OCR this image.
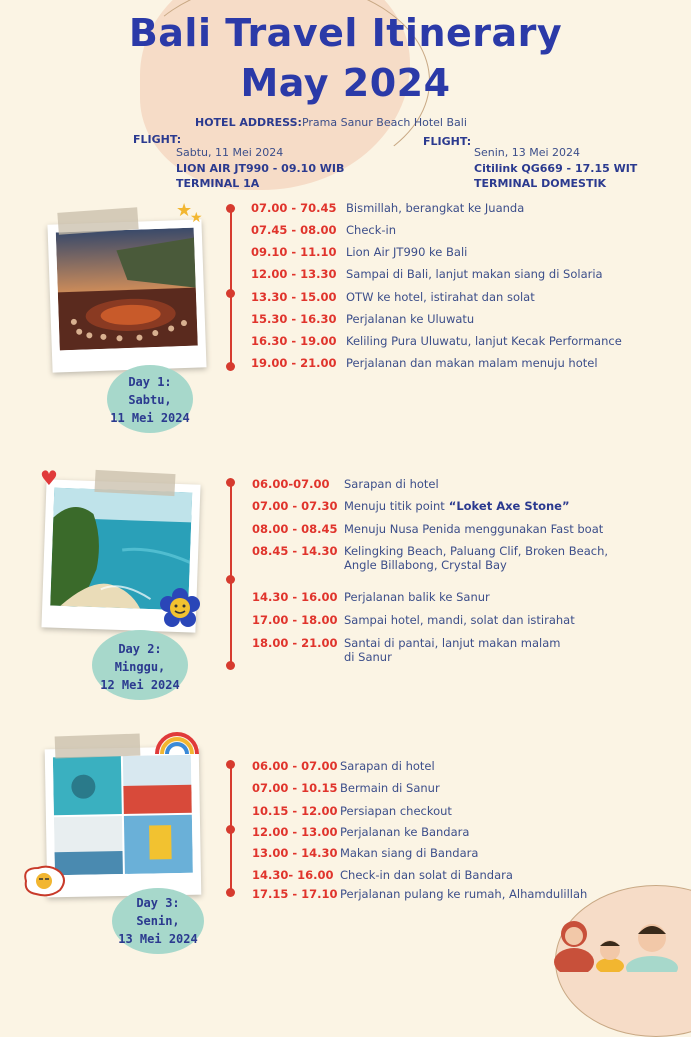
Bali Travel Itinerary
May 2024
HOTEL ADDRESS:Prama Sanur Beach Hotel Bali
FLIGHT:
Sabtu, 11 Mei 2024
LION AIR JT990 - 09.10 WIB
TERMINAL 1A
FLIGHT:
Senin, 13 Mei 2024
Citilink QG669 - 17.15 WIT
TERMINAL DOMESTIK
★
★
Day 1: Sabtu,
11 Mei 2024
07.00 - 70.45 Bismillah, berangkat ke Juanda
07.45 - 08.00 Check-in
09.10 - 11.10 Lion Air JT990 ke Bali
12.00 - 13.30 Sampai di Bali, lanjut makan siang di Solaria
13.30 - 15.00 OTW ke hotel, istirahat dan solat
15.30 - 16.30 Perjalanan ke Uluwatu
16.30 - 19.00 Keliling Pura Uluwatu, lanjut Kecak Performance
19.00 - 21.00 Perjalanan dan makan malam menuju hotel
♥
Day 2: Minggu,
12 Mei 2024
06.00-07.00 Sarapan di hotel
07.00 - 07.30 Menuju titik point “Loket Axe Stone”
08.00 - 08.45 Menuju Nusa Penida menggunakan Fast boat
08.45 - 14.30 Kelingking Beach, Paluang Clif, Broken Beach,
Angle Billabong, Crystal Bay
14.30 - 16.00 Perjalanan balik ke Sanur
17.00 - 18.00 Sampai hotel, mandi, solat dan istirahat
18.00 - 21.00 Santai di pantai, lanjut makan malam
di Sanur
Day 3: Senin,
13 Mei 2024
06.00 - 07.00 Sarapan di hotel
07.00 - 10.15 Bermain di Sanur
10.15 - 12.00 Persiapan checkout
12.00 - 13.00 Perjalanan ke Bandara
13.00 - 14.30 Makan siang di Bandara
14.30- 16.00 Check-in dan solat di Bandara
17.15 - 17.10 Perjalanan pulang ke rumah, Alhamdulillah
